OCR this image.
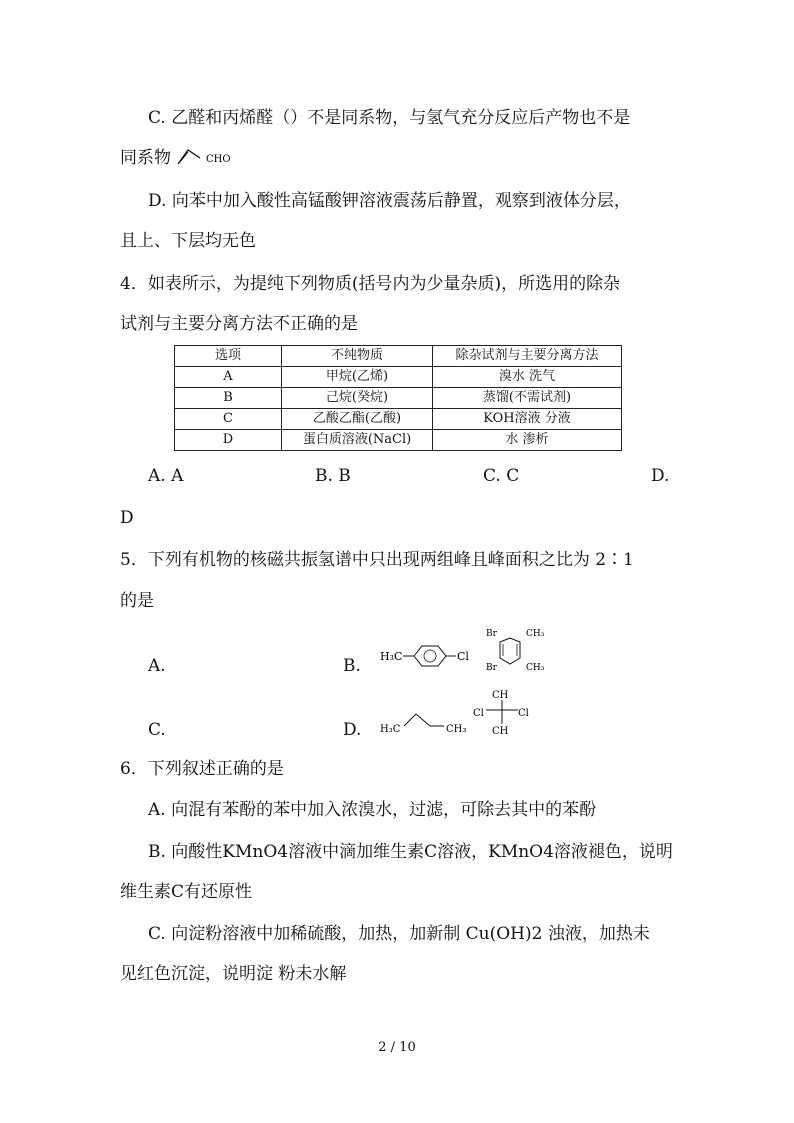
C. 乙醛和丙烯醛（）不是同系物，与氢气充分反应后产物也不是
同系物	CHO
D. 向苯中加入酸性高锰酸钾溶液震荡后静置，观察到液体分层，
且上、下层均无色
4．如表所示，为提纯下列物质(括号内为少量杂质)，所选用的除杂
试剂与主要分离方法不正确的是
选项	不纯物质	除杂试剂与主要分离方法
A	甲烷(乙烯)	溴水 洗气
B	己烷(癸烷)	蒸馏(不需试剂)
C	乙酸乙酯(乙酸)	KOH溶液 分液
D	蛋白质溶液(NaCl)	水 渗析
A. A	B. B	C. C	D.
D
5．下列有机物的核磁共振氢谱中只出现两组峰且峰面积之比为 2∶1
的是
A.	B. H₃C	Cl
Br
Br
CH₃
CH₃
C.	D. H₃C	CH₃
CH
Cl	Cl
CH
6．下列叙述正确的是
A. 向混有苯酚的苯中加入浓溴水，过滤，可除去其中的苯酚
B. 向酸性KMnO4溶液中滴加维生素C溶液，KMnO4溶液褪色，说明
维生素C有还原性
C. 向淀粉溶液中加稀硫酸，加热，加新制 Cu(OH)2 浊液，加热未
见红色沉淀，说明淀 粉未水解
2 / 10
